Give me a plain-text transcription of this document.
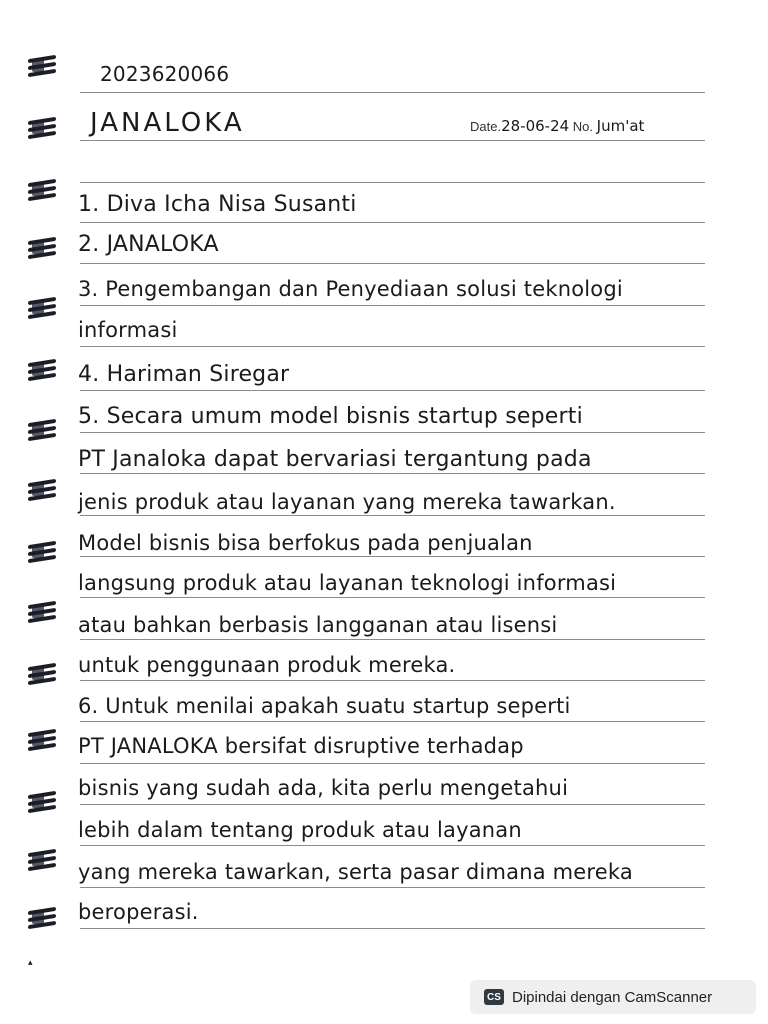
2023620066

JANALOKA	Date.28-06-24 No. Jum'at

1. Diva Icha Nisa Susanti

2. JANALOKA

3. Pengembangan dan Penyediaan solusi teknologi

informasi

4. Hariman Siregar

5. Secara umum model bisnis startup seperti

PT Janaloka dapat bervariasi tergantung pada

jenis produk atau layanan yang mereka tawarkan.

Model bisnis bisa berfokus pada penjualan

langsung produk atau layanan teknologi informasi

atau bahkan berbasis langganan atau lisensi

untuk penggunaan produk mereka.

6. Untuk menilai apakah suatu startup seperti

PT JANALOKA bersifat disruptive terhadap

bisnis yang sudah ada, kita perlu mengetahui

lebih dalam tentang produk atau layanan

yang mereka tawarkan, serta pasar dimana mereka

beroperasi.

▴
CS Dipindai dengan CamScanner
